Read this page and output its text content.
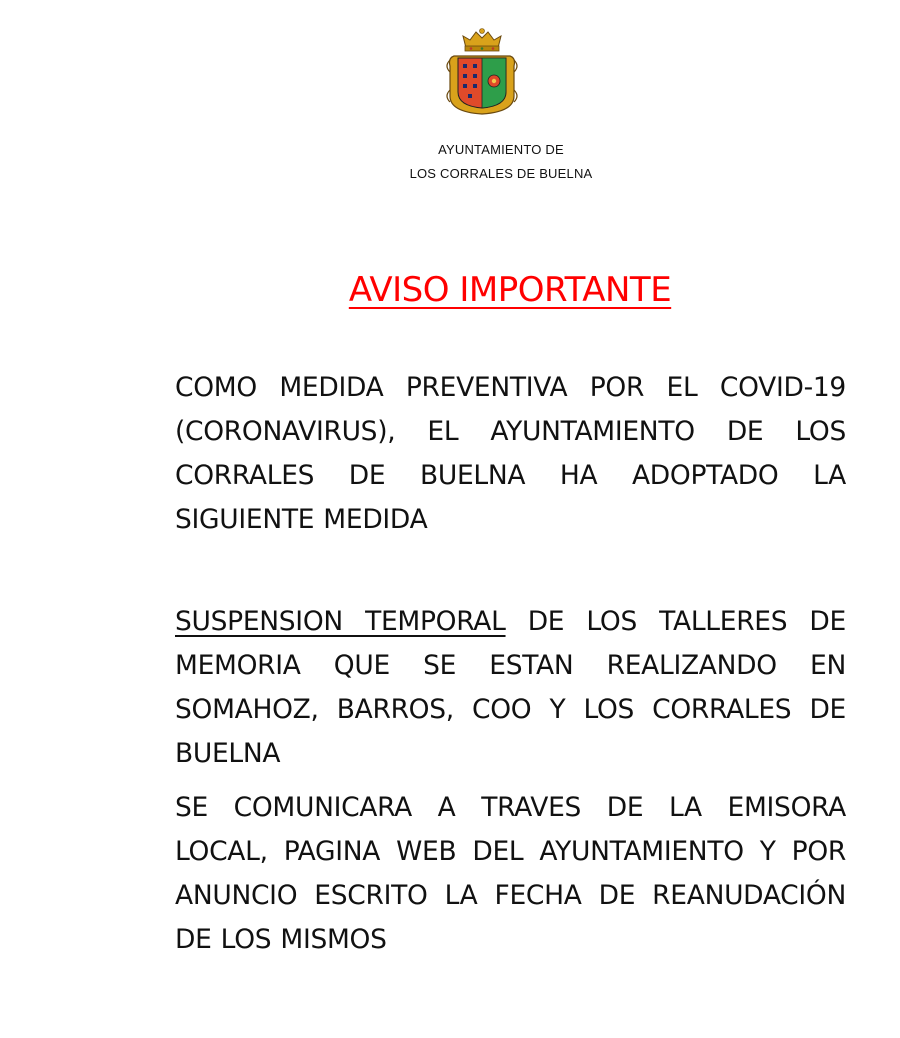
AYUNTAMIENTO DE
LOS CORRALES DE BUELNA
AVISO IMPORTANTE
COMO MEDIDA PREVENTIVA POR EL COVID-19 (CORONAVIRUS), EL AYUNTAMIENTO DE LOS CORRALES DE BUELNA HA ADOPTADO LA SIGUIENTE MEDIDA
SUSPENSION TEMPORAL DE LOS TALLERES DE MEMORIA QUE SE ESTAN REALIZANDO EN SOMAHOZ, BARROS, COO Y LOS CORRALES DE BUELNA
SE COMUNICARA A TRAVES DE LA EMISORA LOCAL, PAGINA WEB DEL AYUNTAMIENTO Y POR ANUNCIO ESCRITO LA FECHA DE REANUDACIÓN DE LOS MISMOS
